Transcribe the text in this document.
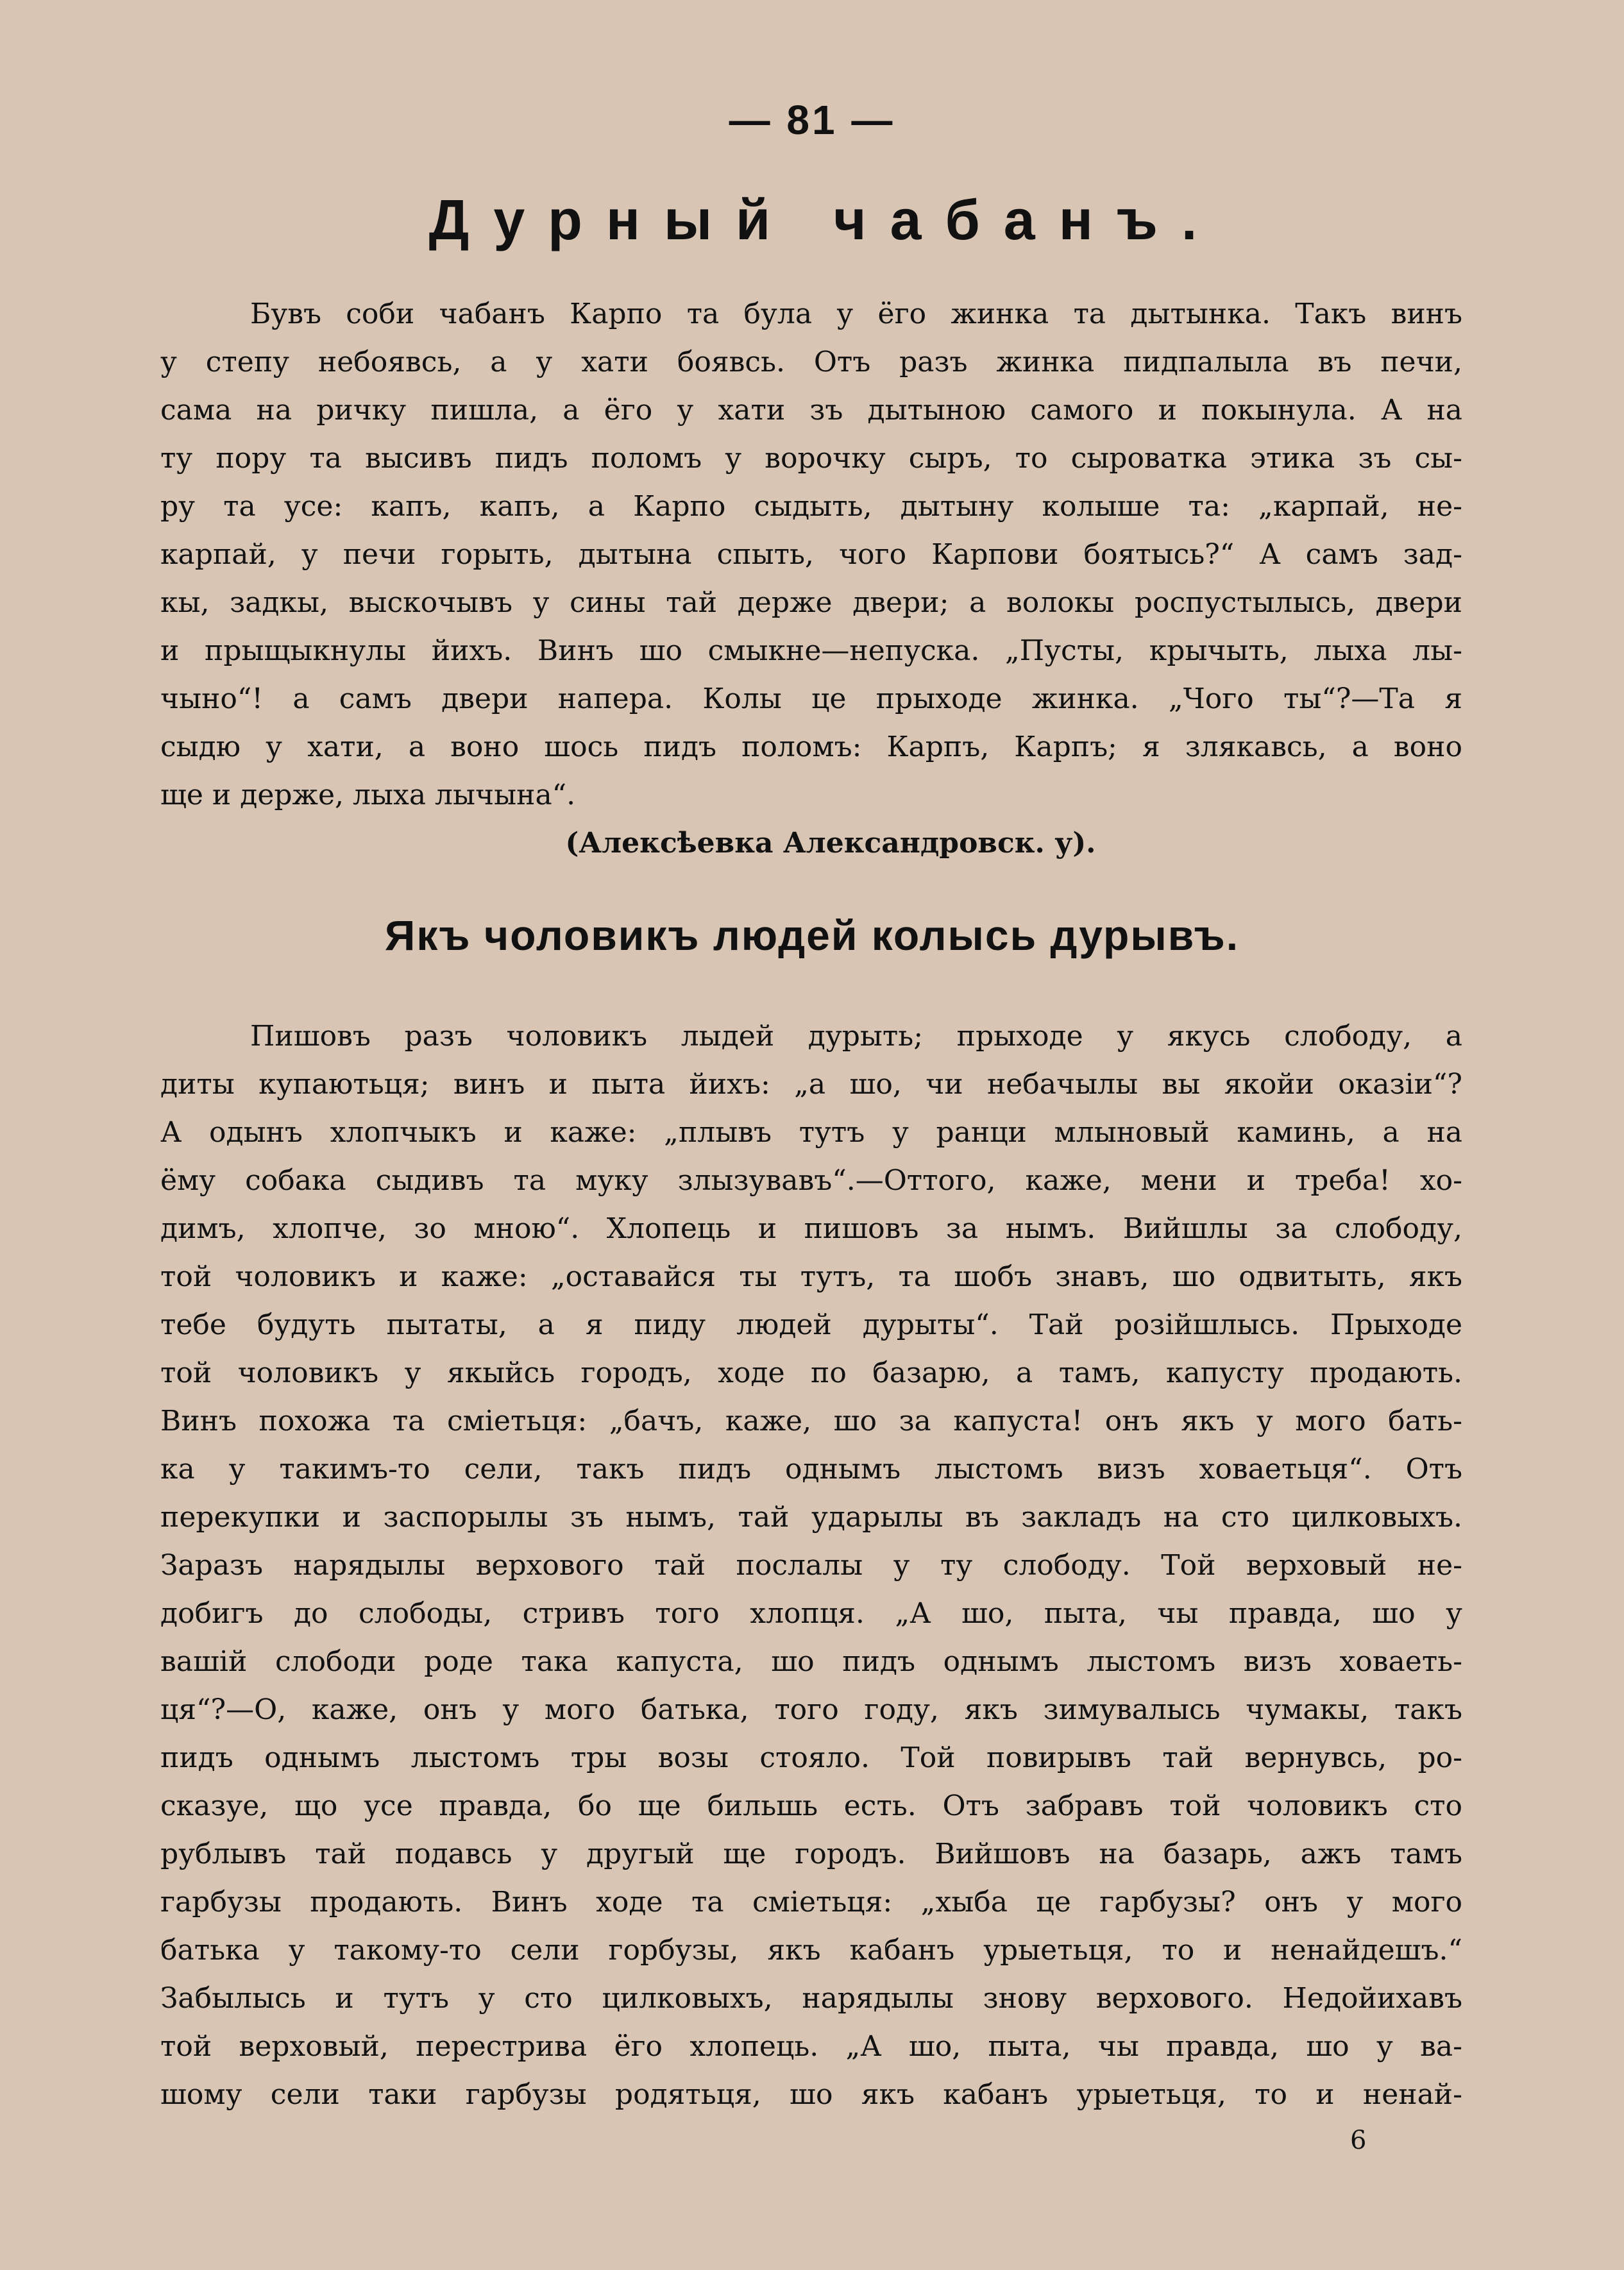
— 81 —
Дурный чабанъ.
Бувъ соби чабанъ Карпо та була у ёго жинка та дытынка. Такъ винъ
у степу небоявсь, а у хати боявсь. Отъ разъ жинка пидпалыла въ печи,
сама на ричку пишла, а ёго у хати зъ дытыною самого и покынула. А на
ту пору та высивъ пидъ поломъ у ворочку сыръ, то сыроватка этика зъ сы-
ру та усе: капъ, капъ, а Карпо сыдыть, дытыну колыше та: „карпай, не-
карпай, у печи горыть, дытына спыть, чого Карпови боятысь?“ А самъ зад-
кы, задкы, выскочывъ у сины тай держе двери; а волокы роспустылысь, двери
и прыщыкнулы йихъ. Винъ шо смыкне—непуска. „Пусты, крычыть, лыха лы-
чыно“! а самъ двери напера. Колы це прыходе жинка. „Чого ты“?—Та я
сыдю у хати, а воно шось пидъ поломъ: Карпъ, Карпъ; я злякавсь, а воно
ще и держе, лыха лычына“.
(Алексѣевка Александровск. у).
Якъ чоловикъ людей колысь дурывъ.
Пишовъ разъ чоловикъ лыдей дурыть; прыходе у якусь слободу, а
диты купаютьця; винъ и пыта йихъ: „а шо, чи небачылы вы якойи оказіи“?
А одынъ хлопчыкъ и каже: „плывъ тутъ у ранци млыновый каминь, а на
ёму собака сыдивъ та муку злызувавъ“.—Оттого, каже, мени и треба! хо-
димъ, хлопче, зо мною“. Хлопець и пишовъ за нымъ. Вийшлы за слободу,
той чоловикъ и каже: „оставайся ты тутъ, та шобъ знавъ, шо одвитыть, якъ
тебе будуть пытаты, а я пиду людей дурыты“. Тай розійшлысь. Прыходе
той чоловикъ у якыйсь городъ, ходе по базарю, а тамъ, капусту продають.
Винъ похожа та сміетьця: „бачъ, каже, шо за капуста! онъ якъ у мого бать-
ка у такимъ-то сели, такъ пидъ однымъ лыстомъ визъ ховаетьця“. Отъ
перекупки и заспорылы зъ нымъ, тай ударылы въ закладъ на сто цилковыхъ.
Заразъ нарядылы верхового тай послалы у ту слободу. Той верховый не-
добигъ до слободы, стривъ того хлопця. „А шо, пыта, чы правда, шо у
вашій слободи роде така капуста, шо пидъ однымъ лыстомъ визъ ховаеть-
ця“?—О, каже, онъ у мого батька, того году, якъ зимувалысь чумакы, такъ
пидъ однымъ лыстомъ тры возы стояло. Той повирывъ тай вернувсь, ро-
сказуе, що усе правда, бо ще бильшь есть. Отъ забравъ той чоловикъ сто
рублывъ тай подавсь у другый ще городъ. Вийшовъ на базарь, ажъ тамъ
гарбузы продають. Винъ ходе та сміетьця: „хыба це гарбузы? онъ у мого
батька у такому-то сели горбузы, якъ кабанъ урыетьця, то и ненайдешъ.“
Забылысь и тутъ у сто цилковыхъ, нарядылы знову верхового. Недойихавъ
той верховый, перестрива ёго хлопець. „А шо, пыта, чы правда, шо у ва-
шому сели таки гарбузы родятьця, шо якъ кабанъ урыетьця, то и ненай-
6
